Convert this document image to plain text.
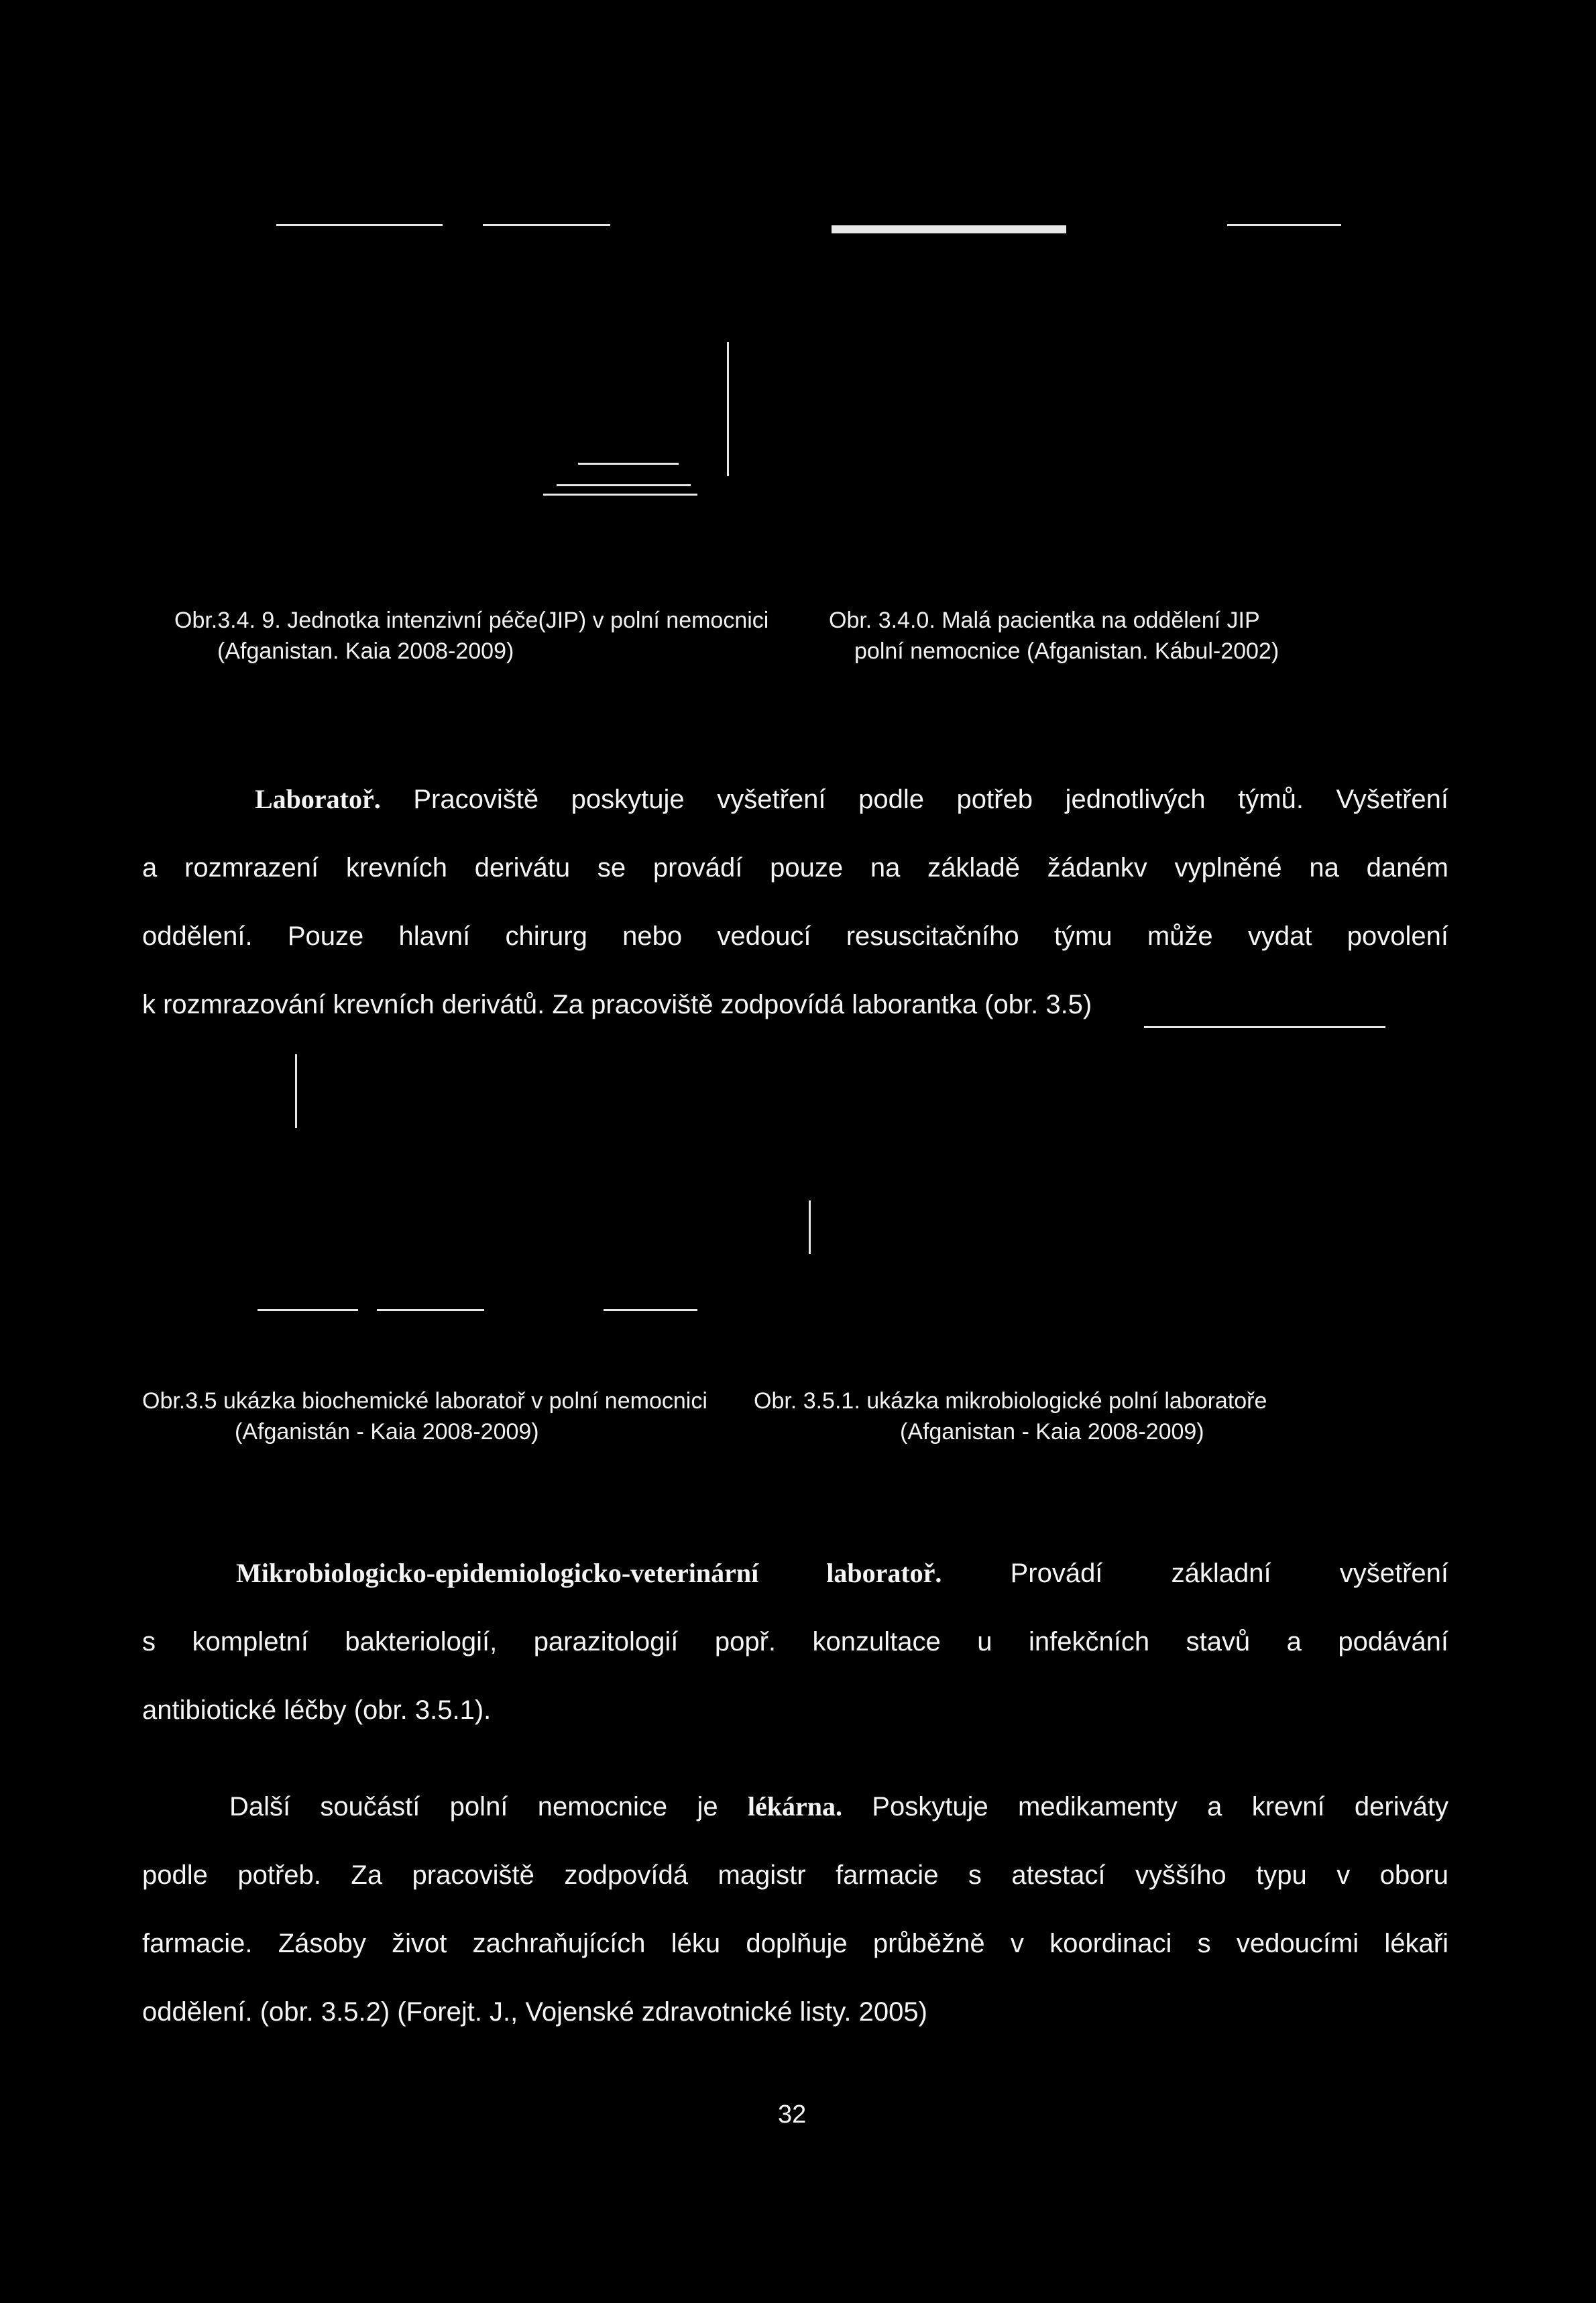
Obr.3.4. 9. Jednotka intenzivní péče(JIP) v polní nemocnici
(Afganistan. Kaia 2008-2009)
Obr. 3.4.0. Malá pacientka na oddělení JIP
polní nemocnice (Afganistan. Kábul-2002)
Laboratoř. Pracoviště poskytuje vyšetření podle potřeb jednotlivých týmů. Vyšetření
a rozmrazení krevních derivátu se provádí pouze na základě žádankv vyplněné na daném
oddělení. Pouze hlavní chirurg nebo vedoucí resuscitačního týmu může vydat povolení
k rozmrazování krevních derivátů. Za pracoviště zodpovídá laborantka (obr. 3.5)
Obr.3.5 ukázka biochemické laboratoř v polní nemocnici
(Afganistán - Kaia 2008-2009)
Obr. 3.5.1. ukázka mikrobiologické polní laboratoře
(Afganistan - Kaia 2008-2009)
Mikrobiologicko-epidemiologicko-veterinární laboratoř. Provádí základní vyšetření
s kompletní bakteriologií, parazitologií popř. konzultace u infekčních stavů a podávání
antibiotické léčby (obr. 3.5.1).
Další součástí polní nemocnice je lékárna. Poskytuje medikamenty a krevní deriváty
podle potřeb. Za pracoviště zodpovídá magistr farmacie s atestací vyššího typu v oboru
farmacie. Zásoby život zachraňujících léku doplňuje průběžně v koordinaci s vedoucími lékaři
oddělení. (obr. 3.5.2) (Forejt. J., Vojenské zdravotnické listy. 2005)
32
